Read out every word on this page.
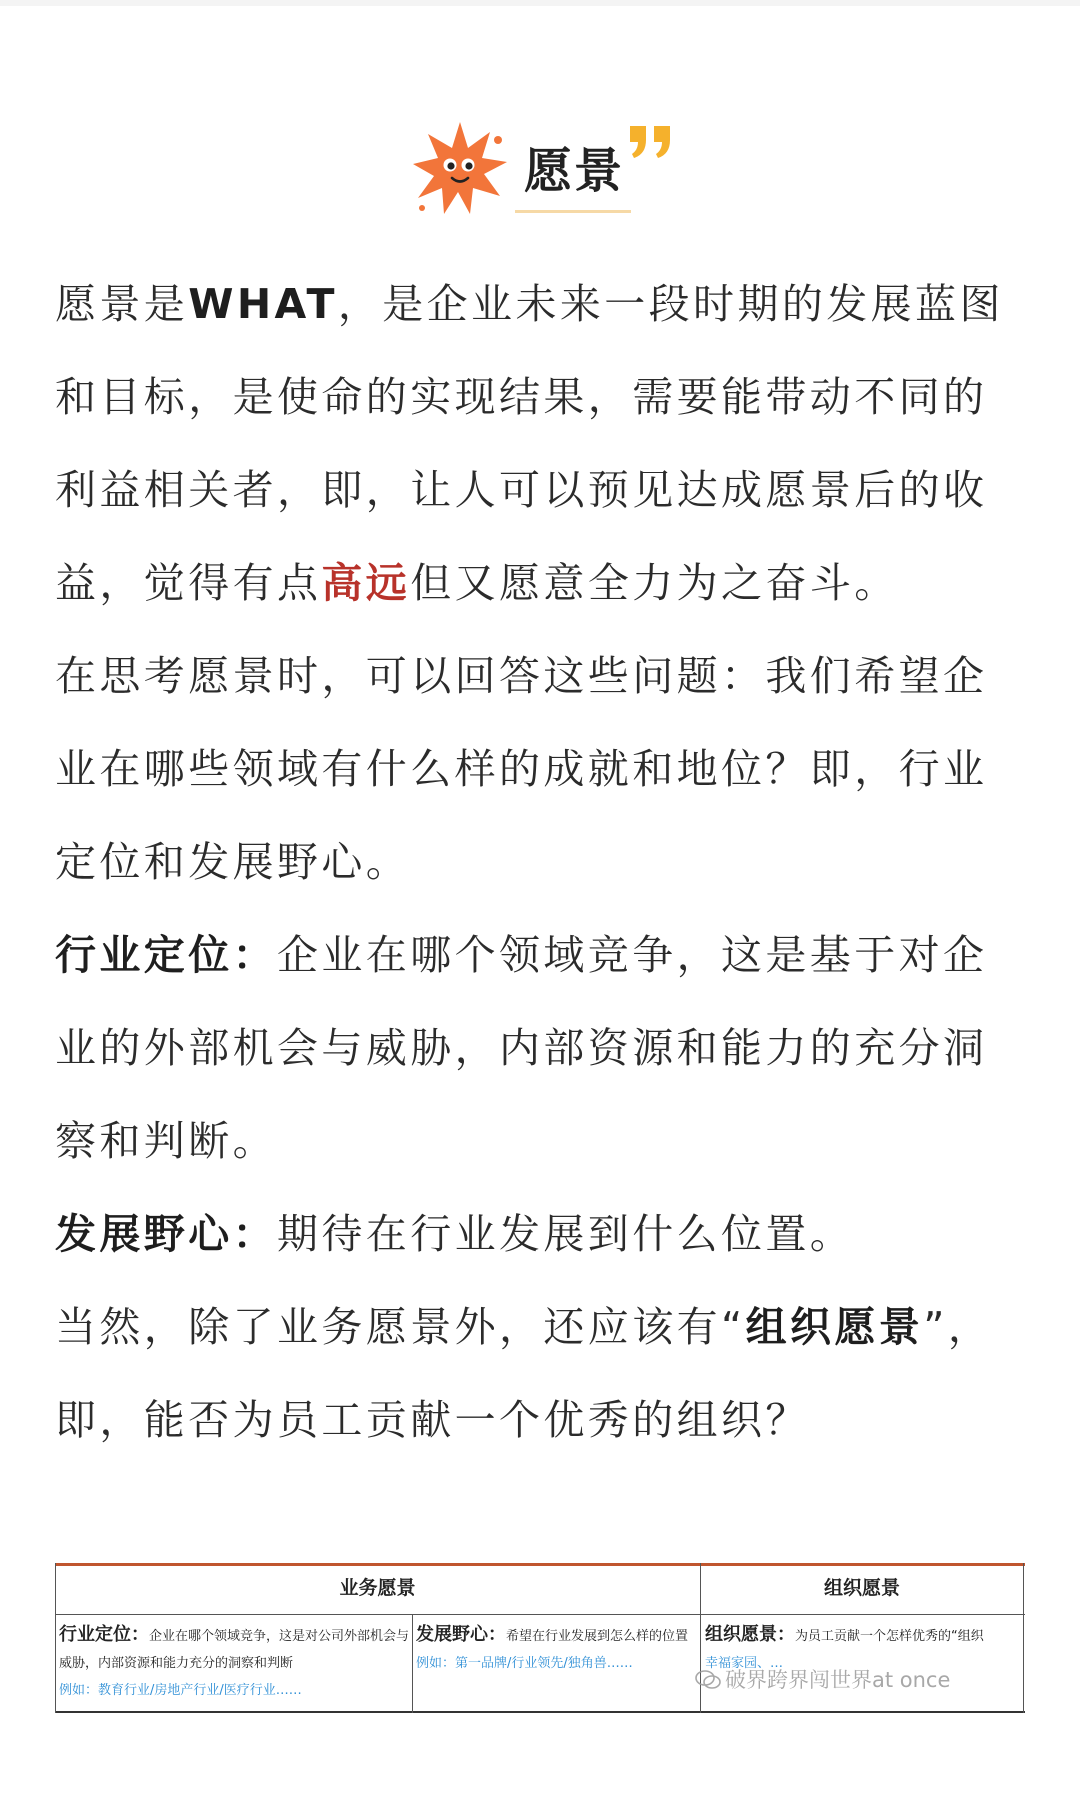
愿景

愿景是WHAT，是企业未来一段时期的发展蓝图和目标，是使命的实现结果，需要能带动不同的利益相关者，即，让人可以预见达成愿景后的收益，觉得有点高远但又愿意全力为之奋斗。

在思考愿景时，可以回答这些问题：我们希望企业在哪些领域有什么样的成就和地位？即，行业定位和发展野心。

行业定位：企业在哪个领域竞争，这是基于对企业的外部机会与威胁，内部资源和能力的充分洞察和判断。

发展野心：期待在行业发展到什么位置。

当然，除了业务愿景外，还应该有“组织愿景”，即，能否为员工贡献一个优秀的组织？

业务愿景	组织愿景
行业定位：企业在哪个领域竞争，这是对公司外部机会与威胁，内部资源和能力充分的洞察和判断
例如：教育行业/房地产行业/医疗行业……
发展野心：希望在行业发展到怎么样的位置
例如：第一品牌/行业领先/独角兽……
组织愿景：为员工贡献一个怎样优秀的“组织
幸福家园、…
破界跨界闯世界at once
